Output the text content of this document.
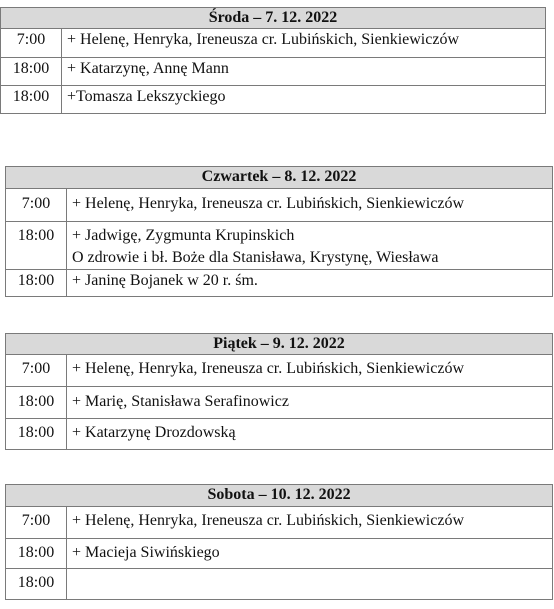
Środa – 7. 12. 2022	
7:00	+ Helenę, Henryka, Ireneusza cr. Lubińskich, Sienkiewiczów

18:00	+ Katarzynę, Annę Mann

18:00	+Tomasza Lekszyckiego
Czwartek – 8. 12. 2022	
7:00	+ Helenę, Henryka, Ireneusza cr. Lubińskich, Sienkiewiczów

18:00	+ Jadwigę, Zygmunta Krupinskich
O zdrowie i bł. Boże dla Stanisława, Krystynę, Wiesława

18:00	+ Janinę Bojanek w 20 r. śm.
Piątek – 9. 12. 2022	
7:00	+ Helenę, Henryka, Ireneusza cr. Lubińskich, Sienkiewiczów

18:00	+ Marię, Stanisława Serafinowicz

18:00	+ Katarzynę Drozdowską
Sobota – 10. 12. 2022	
7:00	+ Helenę, Henryka, Ireneusza cr. Lubińskich, Sienkiewiczów

18:00	+ Macieja Siwińskiego

18:00	
